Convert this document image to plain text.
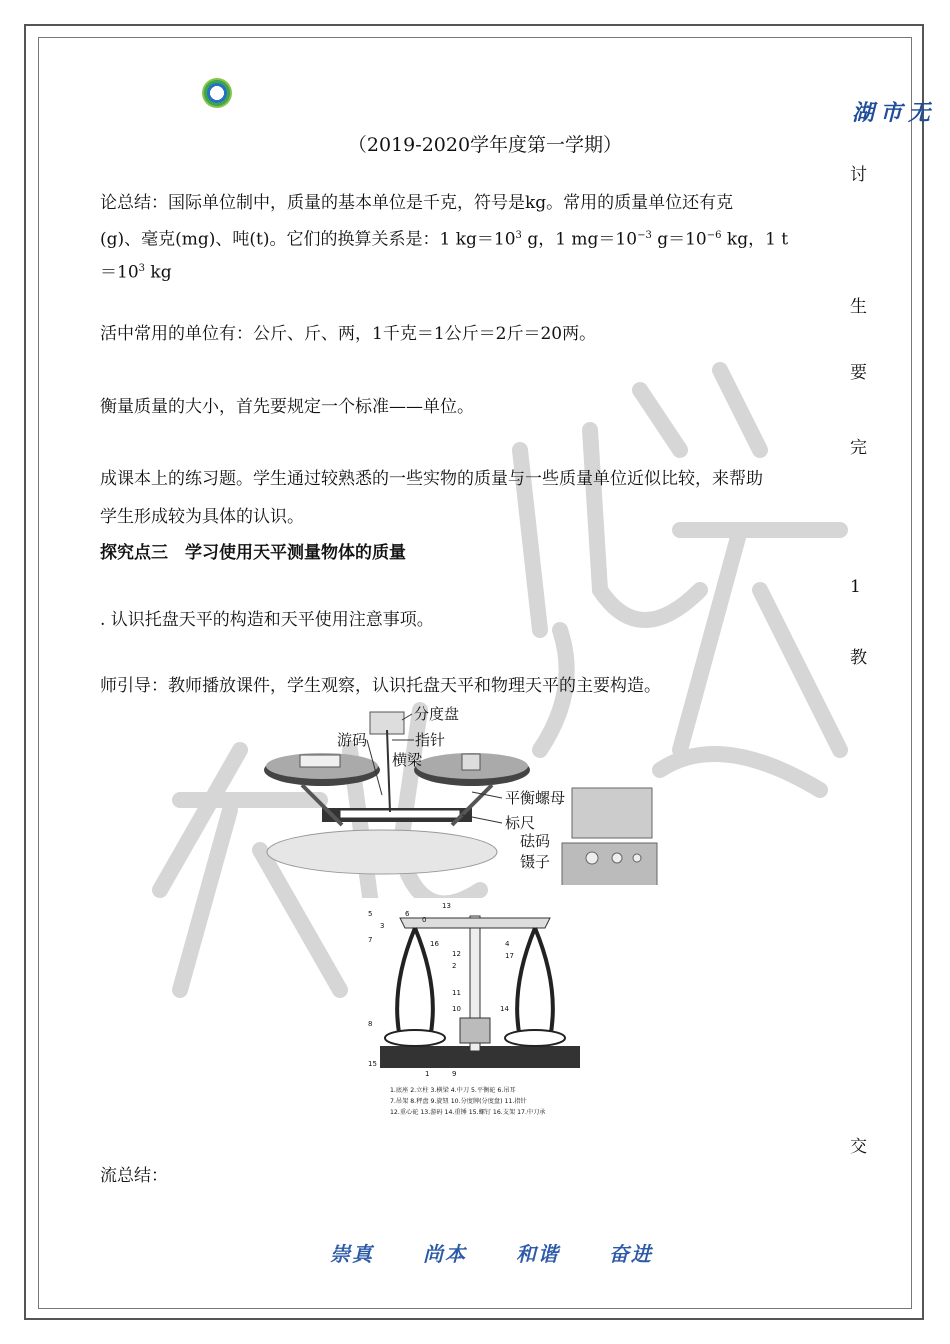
湖市无
（2019-2020学年度第一学期）
讨
生
要
完
1
教
交
论总结：国际单位制中，质量的基本单位是千克，符号是kg。常用的质量单位还有克
(g)、毫克(mg)、吨(t)。它们的换算关系是：1 $kg=10^3$ g，1 $mg=10^{-3}$ $g=10^{-6}$ kg，1 t
$=10^3$ kg
活中常用的单位有：公斤、斤、两，1千克＝1公斤＝2斤＝20两。
衡量质量的大小，首先要规定一个标准——单位。
成课本上的练习题。学生通过较熟悉的一些实物的质量与一些质量单位近似比较，来帮助
学生形成较为具体的认识。
探究点三　学习使用天平测量物体的质量
. 认识托盘天平的构造和天平使用注意事项。
师引导：教师播放课件，学生观察，认识托盘天平和物理天平的主要构造。
流总结：
分度盘
游码	指针
横梁
平衡螺母
标尺
砝码
镊子
13
5	6
3
0
16	4
17
12
2
11
10	14
8
1	9
15
7
1.底座 2.立柱 3.横梁 4.中刀 5.平衡砣 6.吊耳
7.吊架 8.秤盘 9.旋钮 10.分度牌(分度盘) 11.指针
12.重心砣 13.游码 14.重锤 15.螺钉 16.支架 17.中刀承
崇真 尚本 和谐 奋进
